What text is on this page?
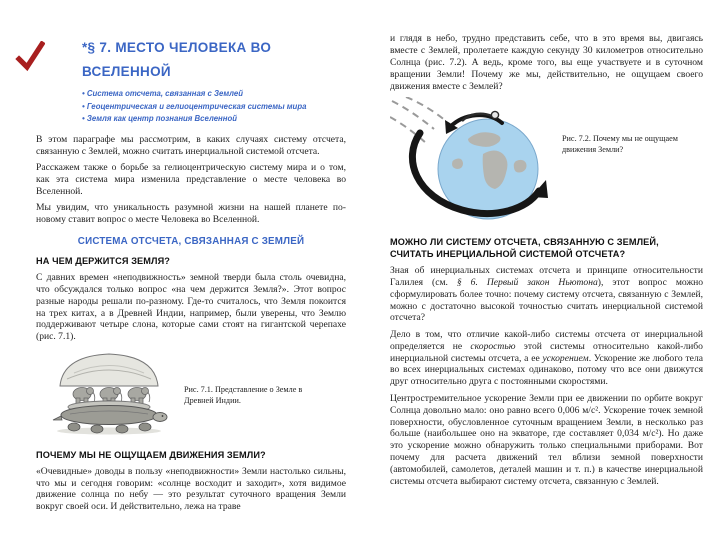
*§ 7. МЕСТО ЧЕЛОВЕКА ВО ВСЕЛЕННОЙ
• Система отсчета, связанная с Землей
• Геоцентрическая и гелиоцентрическая системы мира
• Земля как центр познания Вселенной

В этом параграфе мы рассмотрим, в каких случаях систему отсчета, связанную с Землей, можно считать инерциальной системой отсчета.

Расскажем также о борьбе за гелиоцентрическую систему мира и о том, как эта система мира изменила представление о месте человека во Вселенной.

Мы увидим, что уникальность разумной жизни на нашей планете по-новому ставит вопрос о месте Человека во Вселенной.

СИСТЕМА ОТСЧЕТА, СВЯЗАННАЯ С ЗЕМЛЕЙ
НА ЧЕМ ДЕРЖИТСЯ ЗЕМЛЯ?

С давних времен «неподвижность» земной тверди была столь очевидна, что обсуждался только вопрос «на чем держится Земля?». Этот вопрос разные народы решали по-разному. Где-то считалось, что Земля покоится на трех китах, а в Древней Индии, например, были уверены, что Землю поддерживают четыре слона, которые сами стоят на гигантской черепахе (рис. 7.1).

Рис. 7.1. Представление о Земле в Древней Индии.
ПОЧЕМУ МЫ НЕ ОЩУЩАЕМ ДВИЖЕНИЯ ЗЕМЛИ?

«Очевидные» доводы в пользу «неподвижности» Земли настолько сильны, что мы и сегодня говорим: «солнце восходит и заходит», хотя видимое движение солнца по небу — это результат суточного вращения Земли вокруг своей оси. И действительно, лежа на траве

и глядя в небо, трудно представить себе, что в это время вы, двигаясь вместе с Землей, пролетаете каждую секунду 30 километров относительно Солнца (рис. 7.2). А ведь, кроме того, вы еще участвуете и в суточном вращении Земли! Почему же мы, действительно, не ощущаем своего движения вместе с Землей?

Рис. 7.2. Почему мы не ощущаем движения Земли?
МОЖНО ЛИ СИСТЕМУ ОТСЧЕТА, СВЯЗАННУЮ С ЗЕМЛЕЙ, СЧИТАТЬ ИНЕРЦИАЛЬНОЙ СИСТЕМОЙ ОТСЧЕТА?

Зная об инерциальных системах отсчета и принципе относительности Галилея (см. § 6. Первый закон Ньютона), этот вопрос можно сформулировать более точно: почему систему отсчета, связанную с Землей, можно с достаточно высокой точностью считать инерциальной системой отсчета?

Дело в том, что отличие какой-либо системы отсчета от инерциальной определяется не скоростью этой системы относительно какой-либо инерциальной системы отсчета, а ее ускорением. Ускорение же любого тела во всех инерциальных системах одинаково, потому что все они движутся друг относительно друга с постоянными скоростями.

Центростремительное ускорение Земли при ее движении по орбите вокруг Солнца довольно мало: оно равно всего 0,006 м/с². Ускорение точек земной поверхности, обусловленное суточным вращением Земли, в несколько раз больше (наибольшее оно на экваторе, где составляет 0,034 м/с²). Но даже это ускорение можно обнаружить только специальными приборами. Вот почему для расчета движений тел вблизи земной поверхности (автомобилей, самолетов, деталей машин и т. п.) в качестве инерциальной системы отсчета выбирают систему отсчета, связанную с Землей.
